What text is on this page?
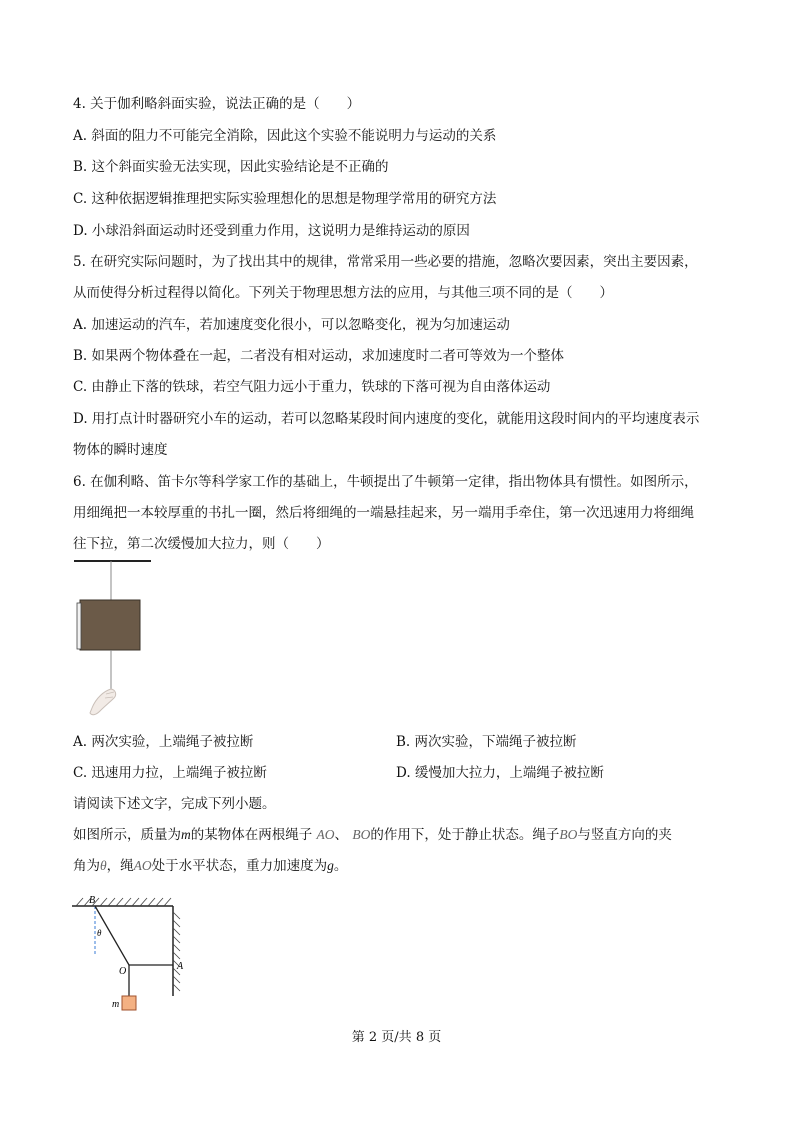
4. 关于伽利略斜面实验，说法正确的是（　　）
A. 斜面的阻力不可能完全消除，因此这个实验不能说明力与运动的关系
B. 这个斜面实验无法实现，因此实验结论是不正确的
C. 这种依据逻辑推理把实际实验理想化的思想是物理学常用的研究方法
D. 小球沿斜面运动时还受到重力作用，这说明力是维持运动的原因
5. 在研究实际问题时，为了找出其中的规律，常常采用一些必要的措施，忽略次要因素，突出主要因素，
从而使得分析过程得以简化。下列关于物理思想方法的应用，与其他三项不同的是（　　）
A. 加速运动的汽车，若加速度变化很小，可以忽略变化，视为匀加速运动
B. 如果两个物体叠在一起，二者没有相对运动，求加速度时二者可等效为一个整体
C. 由静止下落的铁球，若空气阻力远小于重力，铁球的下落可视为自由落体运动
D. 用打点计时器研究小车的运动，若可以忽略某段时间内速度的变化，就能用这段时间内的平均速度表示
物体的瞬时速度
6. 在伽利略、笛卡尔等科学家工作的基础上，牛顿提出了牛顿第一定律，指出物体具有惯性。如图所示，
用细绳把一本较厚重的书扎一圈，然后将细绳的一端悬挂起来，另一端用手牵住，第一次迅速用力将细绳
往下拉，第二次缓慢加大拉力，则（　　）
A. 两次实验，上端绳子被拉断	B. 两次实验，下端绳子被拉断
C. 迅速用力拉，上端绳子被拉断	D. 缓慢加大拉力，上端绳子被拉断
请阅读下述文字，完成下列小题。
如图所示，质量为m的某物体在两根绳子 AO、 BO的作用下，处于静止状态。绳子BO与竖直方向的夹
角为θ，绳AO处于水平状态，重力加速度为g。
B
θ
O	A
m
第 2 页/共 8 页
